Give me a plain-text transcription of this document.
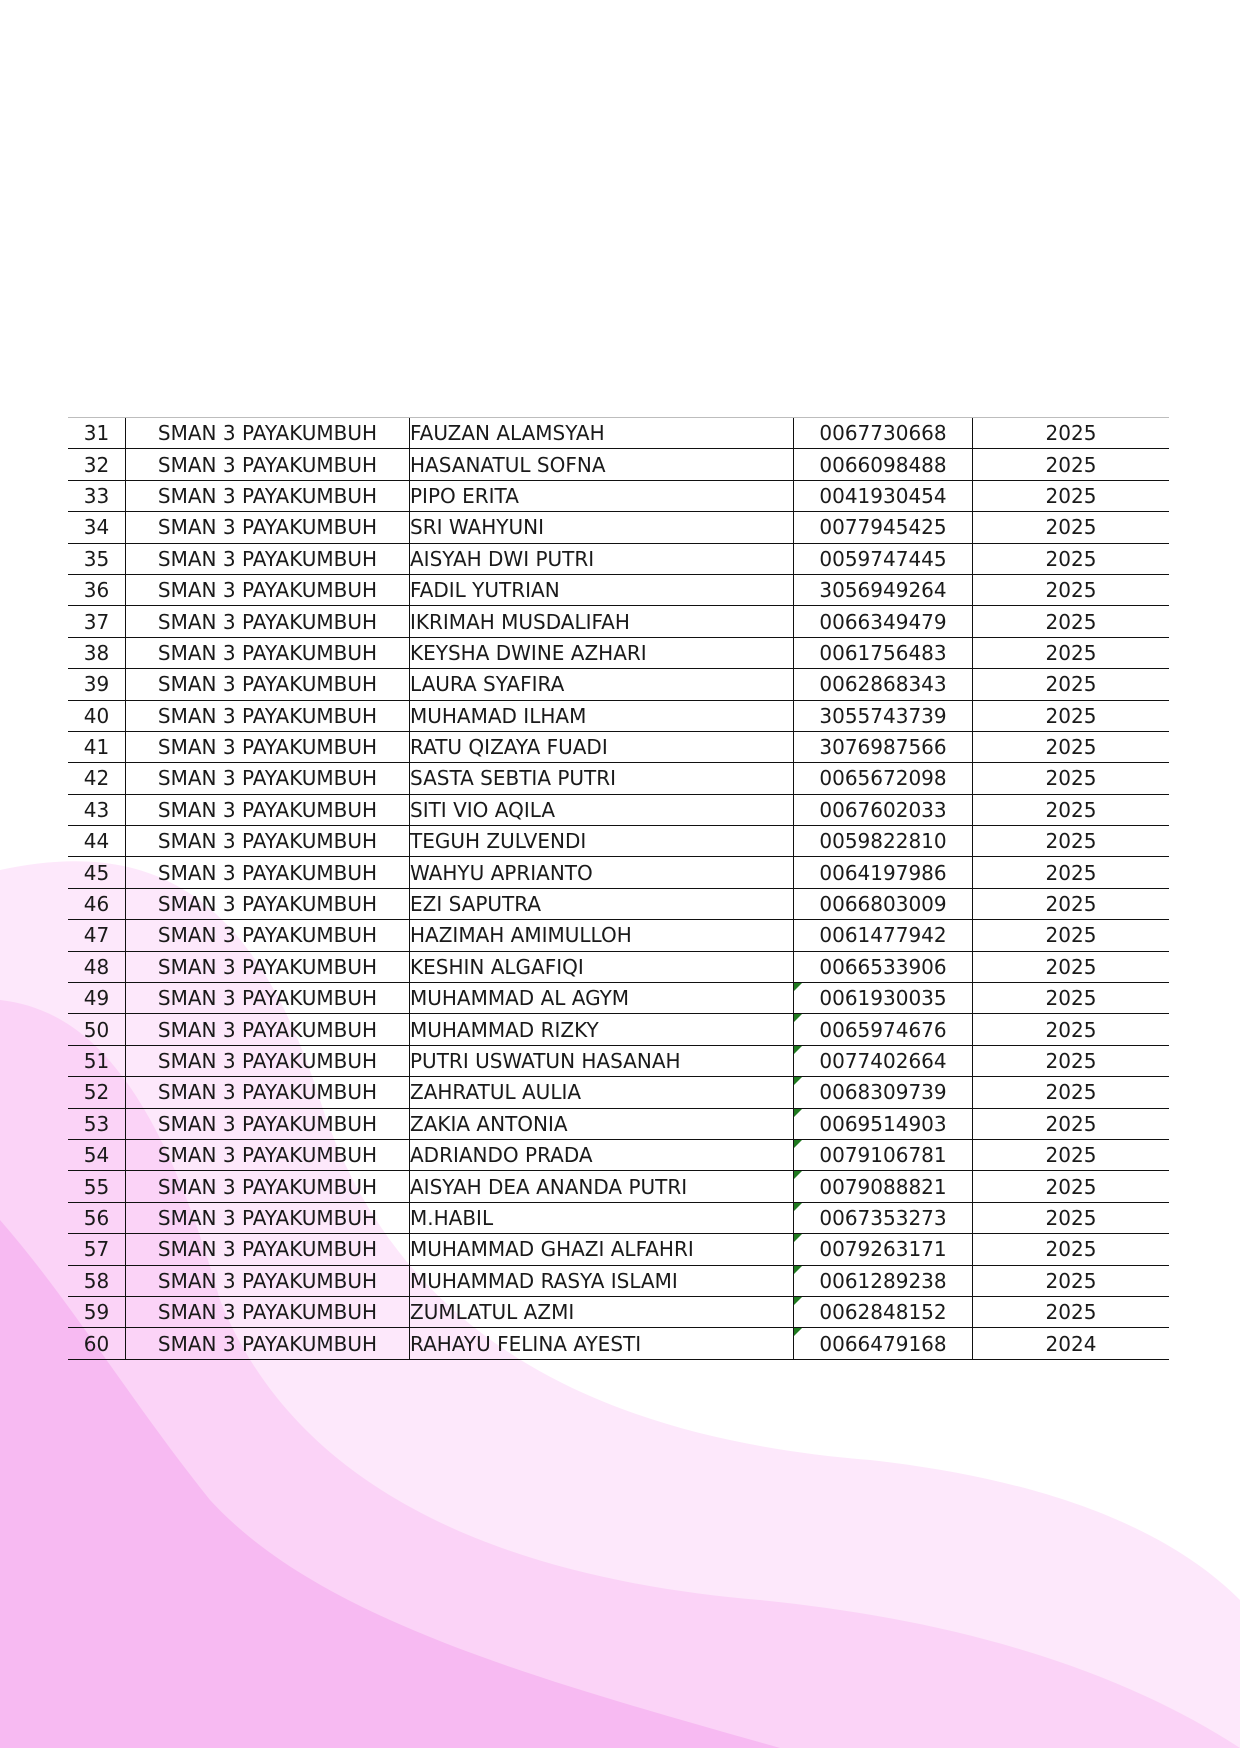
31	SMAN 3 PAYAKUMBUH	FAUZAN ALAMSYAH	0067730668	2025
32	SMAN 3 PAYAKUMBUH	HASANATUL SOFNA	0066098488	2025
33	SMAN 3 PAYAKUMBUH	PIPO ERITA	0041930454	2025
34	SMAN 3 PAYAKUMBUH	SRI WAHYUNI	0077945425	2025
35	SMAN 3 PAYAKUMBUH	AISYAH DWI PUTRI	0059747445	2025
36	SMAN 3 PAYAKUMBUH	FADIL YUTRIAN	3056949264	2025
37	SMAN 3 PAYAKUMBUH	IKRIMAH MUSDALIFAH	0066349479	2025
38	SMAN 3 PAYAKUMBUH	KEYSHA DWINE AZHARI	0061756483	2025
39	SMAN 3 PAYAKUMBUH	LAURA SYAFIRA	0062868343	2025
40	SMAN 3 PAYAKUMBUH	MUHAMAD ILHAM	3055743739	2025
41	SMAN 3 PAYAKUMBUH	RATU QIZAYA FUADI	3076987566	2025
42	SMAN 3 PAYAKUMBUH	SASTA SEBTIA PUTRI	0065672098	2025
43	SMAN 3 PAYAKUMBUH	SITI VIO AQILA	0067602033	2025
44	SMAN 3 PAYAKUMBUH	TEGUH ZULVENDI	0059822810	2025
45	SMAN 3 PAYAKUMBUH	WAHYU APRIANTO	0064197986	2025
46	SMAN 3 PAYAKUMBUH	EZI SAPUTRA	0066803009	2025
47	SMAN 3 PAYAKUMBUH	HAZIMAH AMIMULLOH	0061477942	2025
48	SMAN 3 PAYAKUMBUH	KESHIN ALGAFIQI	0066533906	2025
49	SMAN 3 PAYAKUMBUH	MUHAMMAD AL AGYM	0061930035	2025
50	SMAN 3 PAYAKUMBUH	MUHAMMAD RIZKY	0065974676	2025
51	SMAN 3 PAYAKUMBUH	PUTRI USWATUN HASANAH	0077402664	2025
52	SMAN 3 PAYAKUMBUH	ZAHRATUL AULIA	0068309739	2025
53	SMAN 3 PAYAKUMBUH	ZAKIA ANTONIA	0069514903	2025
54	SMAN 3 PAYAKUMBUH	ADRIANDO PRADA	0079106781	2025
55	SMAN 3 PAYAKUMBUH	AISYAH DEA ANANDA PUTRI	0079088821	2025
56	SMAN 3 PAYAKUMBUH	M.HABIL	0067353273	2025
57	SMAN 3 PAYAKUMBUH	MUHAMMAD GHAZI ALFAHRI	0079263171	2025
58	SMAN 3 PAYAKUMBUH	MUHAMMAD RASYA ISLAMI	0061289238	2025
59	SMAN 3 PAYAKUMBUH	ZUMLATUL AZMI	0062848152	2025
60	SMAN 3 PAYAKUMBUH	RAHAYU FELINA AYESTI	0066479168	2024
